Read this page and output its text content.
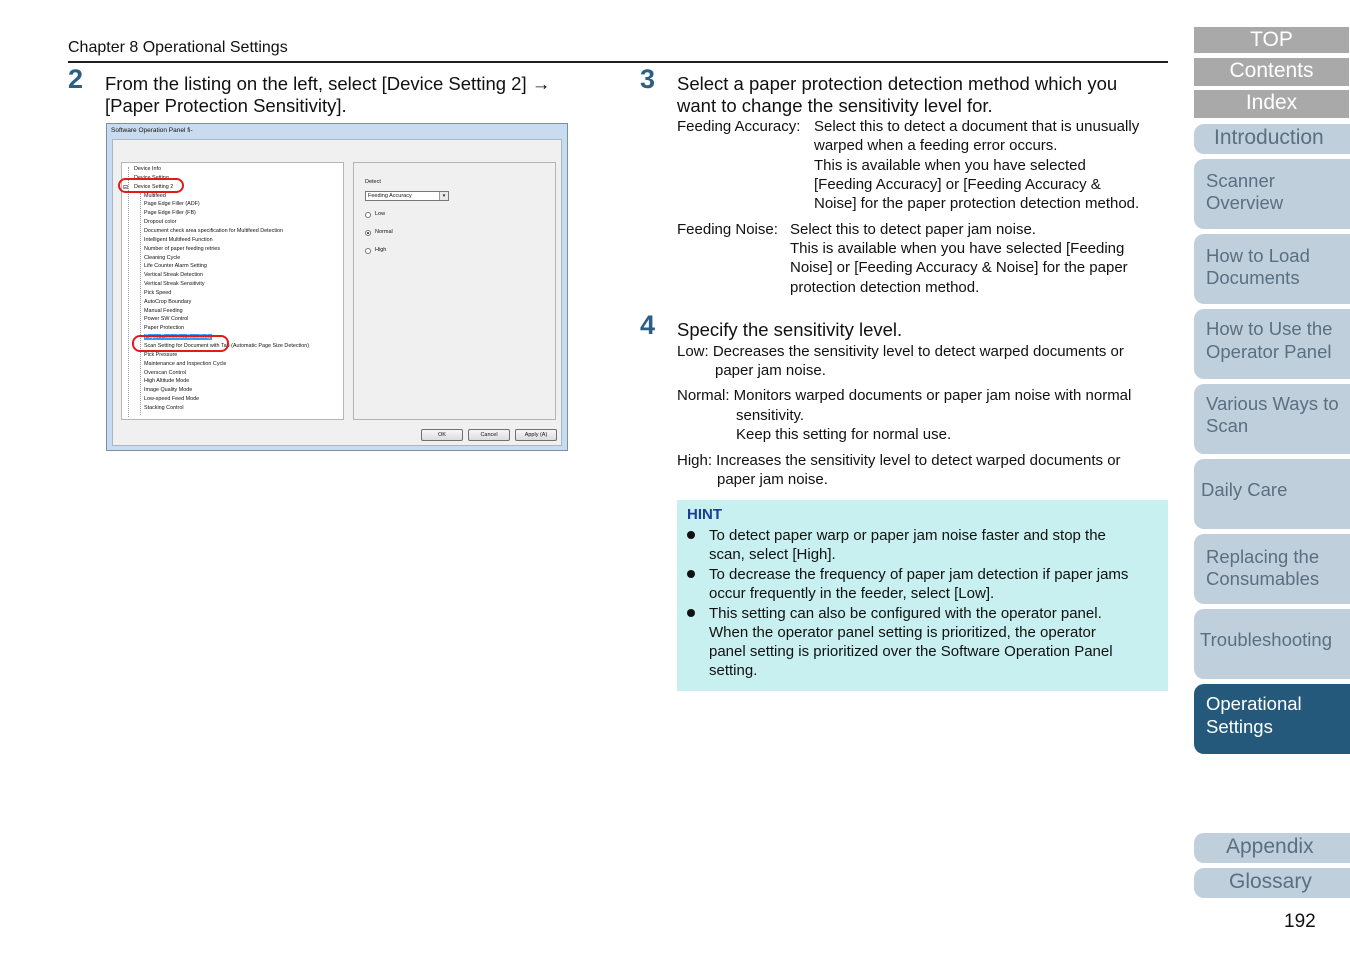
Chapter 8 Operational Settings
2 From the listing on the left, select [Device Setting 2] →
[Paper Protection Sensitivity].
Software Operation Panel fi-
Device Info
Device Setting
⊟ Device Setting 2
Multifeed
Page Edge Filler (ADF)
Page Edge Filler (FB)
Dropout color
Document check area specification for Multifeed Detection
Intelligent Multifeed Function
Number of paper feeding retries
Cleaning Cycle
Life Counter Alarm Setting
Vertical Streak Detection
Vertical Streak Sensitivity
Pick Speed
AutoCrop Boundary
Manual Feeding
Power SW Control
Paper Protection
Paper Protection Sensitivity
Scan Setting for Document with Tab (Automatic Page Size Detection)
Pick Pressure
Maintenance and Inspection Cycle
Overscan Control
High Altitude Mode
Image Quality Mode
Low-speed Feed Mode
Stacking Control
Detect
Feeding Accuracy	▾
Low
Normal
High
OK	Cancel	Apply (A)
3 Select a paper protection detection method which you
want to change the sensitivity level for.
Feeding Accuracy: Select this to detect a document that is unusually
warped when a feeding error occurs.
This is available when you have selected
[Feeding Accuracy] or [Feeding Accuracy &
Noise] for the paper protection detection method.
Feeding Noise: Select this to detect paper jam noise.
This is available when you have selected [Feeding
Noise] or [Feeding Accuracy & Noise] for the paper
protection detection method.
4 Specify the sensitivity level.
Low: Decreases the sensitivity level to detect warped documents or
paper jam noise.
Normal: Monitors warped documents or paper jam noise with normal
sensitivity.
Keep this setting for normal use.
High: Increases the sensitivity level to detect warped documents or
paper jam noise.
HINT
To detect paper warp or paper jam noise faster and stop the
scan, select [High].
To decrease the frequency of paper jam detection if paper jams
occur frequently in the feeder, select [Low].
This setting can also be configured with the operator panel.
When the operator panel setting is prioritized, the operator
panel setting is prioritized over the Software Operation Panel
setting.
TOP
Contents
Index
Introduction
Scanner
Overview
How to Load
Documents
How to Use the
Operator Panel
Various Ways to
Scan
Daily Care
Replacing the
Consumables
Troubleshooting
Operational
Settings
Appendix
Glossary
192
